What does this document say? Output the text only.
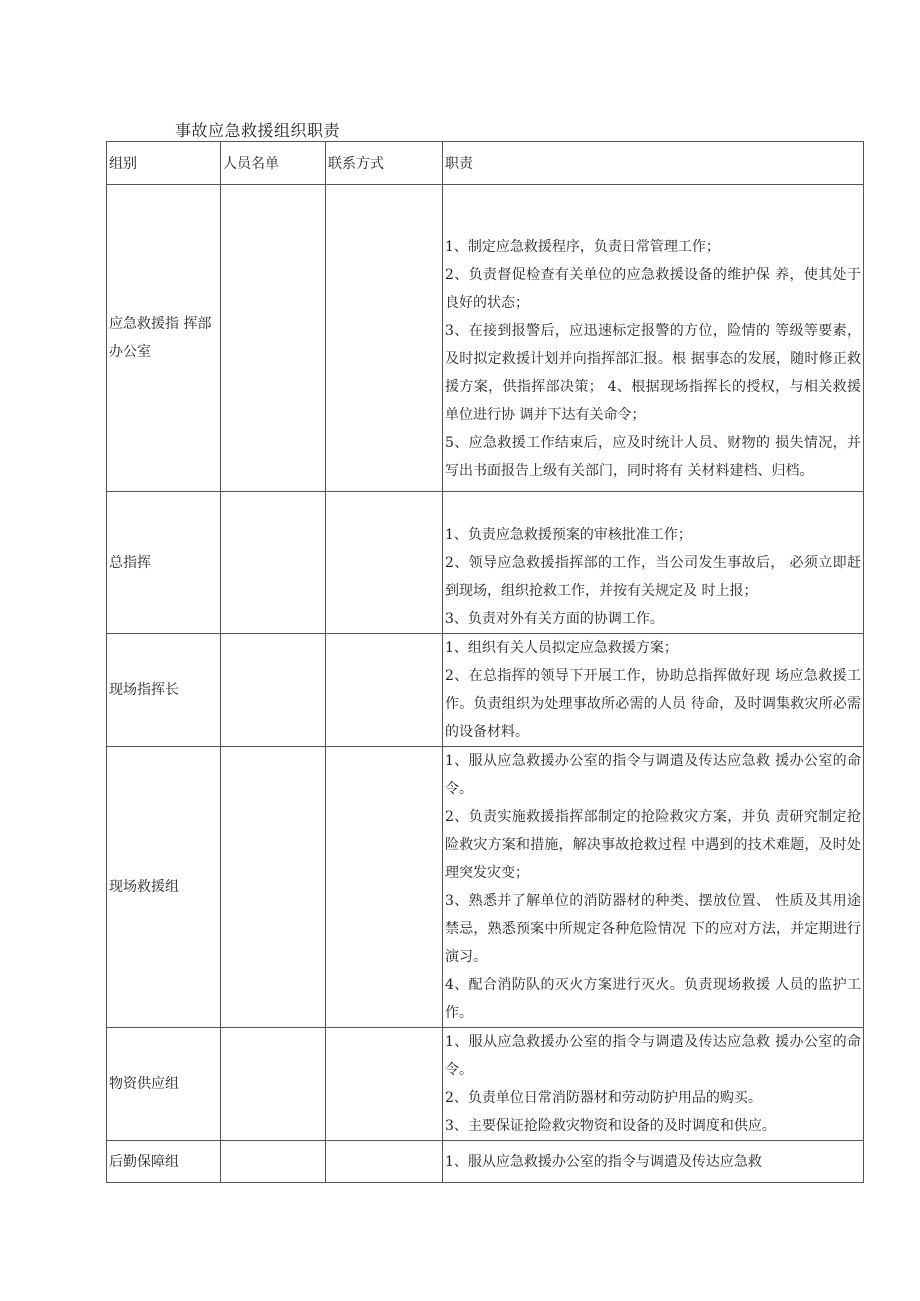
事故应急救援组织职责
组别	人员名单	联系方式	职责
应急救援指 挥部办公室			1、制定应急救援程序，负责日常管理工作；
2、负责督促检查有关单位的应急救援设备的维护保 养，使其处于良好的状态；
3、在接到报警后，应迅速标定报警的方位，险情的 等级等要素，及时拟定救援计划并向指挥部汇报。根 据事态的发展，随时修正救援方案，供指挥部决策； 4、根据现场指挥长的授权，与相关救援单位进行协 调并下达有关命令；
5、应急救援工作结束后，应及时统计人员、财物的 损失情况，并写出书面报告上级有关部门，同时将有 关材料建档、归档。

总指挥			1、负责应急救援预案的审核批准工作；
2、领导应急救援指挥部的工作，当公司发生事故后， 必须立即赶到现场，组织抢救工作，并按有关规定及 时上报；
3、负责对外有关方面的协调工作。

现场指挥长			1、组织有关人员拟定应急救援方案；
2、在总指挥的领导下开展工作，协助总指挥做好现 场应急救援工作。负责组织为处理事故所必需的人员 待命，及时调集救灾所必需的设备材料。

现场救援组			1、服从应急救援办公室的指令与调遣及传达应急救 援办公室的命令。
2、负责实施救援指挥部制定的抢险救灾方案，并负 责研究制定抢险救灾方案和措施，解决事故抢救过程 中遇到的技术难题，及时处理突发灾变；
3、熟悉并了解单位的消防器材的种类、摆放位置、 性质及其用途禁忌，熟悉预案中所规定各种危险情况 下的应对方法，并定期进行演习。
4、配合消防队的灭火方案进行灭火。负责现场救援 人员的监护工作。

物资供应组			1、服从应急救援办公室的指令与调遣及传达应急救 援办公室的命令。
2、负责单位日常消防器材和劳动防护用品的购买。
3、主要保证抢险救灾物资和设备的及时调度和供应。

后勤保障组			1、服从应急救援办公室的指令与调遣及传达应急救
